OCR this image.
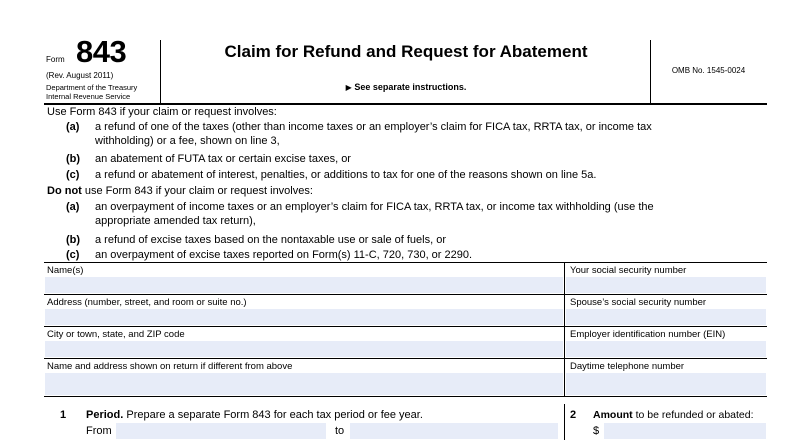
Form 843
(Rev. August 2011)
Department of the Treasury
Internal Revenue Service
Claim for Refund and Request for Abatement
▶ See separate instructions.
OMB No. 1545-0024
Use Form 843 if your claim or request involves:
(a) a refund of one of the taxes (other than income taxes or an employer’s claim for FICA tax, RRTA tax, or income tax
withholding) or a fee, shown on line 3,
(b) an abatement of FUTA tax or certain excise taxes, or
(c) a refund or abatement of interest, penalties, or additions to tax for one of the reasons shown on line 5a.
Do not use Form 843 if your claim or request involves:
(a) an overpayment of income taxes or an employer’s claim for FICA tax, RRTA tax, or income tax withholding (use the
appropriate amended tax return),
(b) a refund of excise taxes based on the nontaxable use or sale of fuels, or
(c) an overpayment of excise taxes reported on Form(s) 11-C, 720, 730, or 2290.
Name(s)	Your social security number
Address (number, street, and room or suite no.)	Spouse’s social security number
City or town, state, and ZIP code	Employer identification number (EIN)
Name and address shown on return if different from above	Daytime telephone number
1 Period. Prepare a separate Form 843 for each tax period or fee year.
From	to
2 Amount to be refunded or abated:
$
